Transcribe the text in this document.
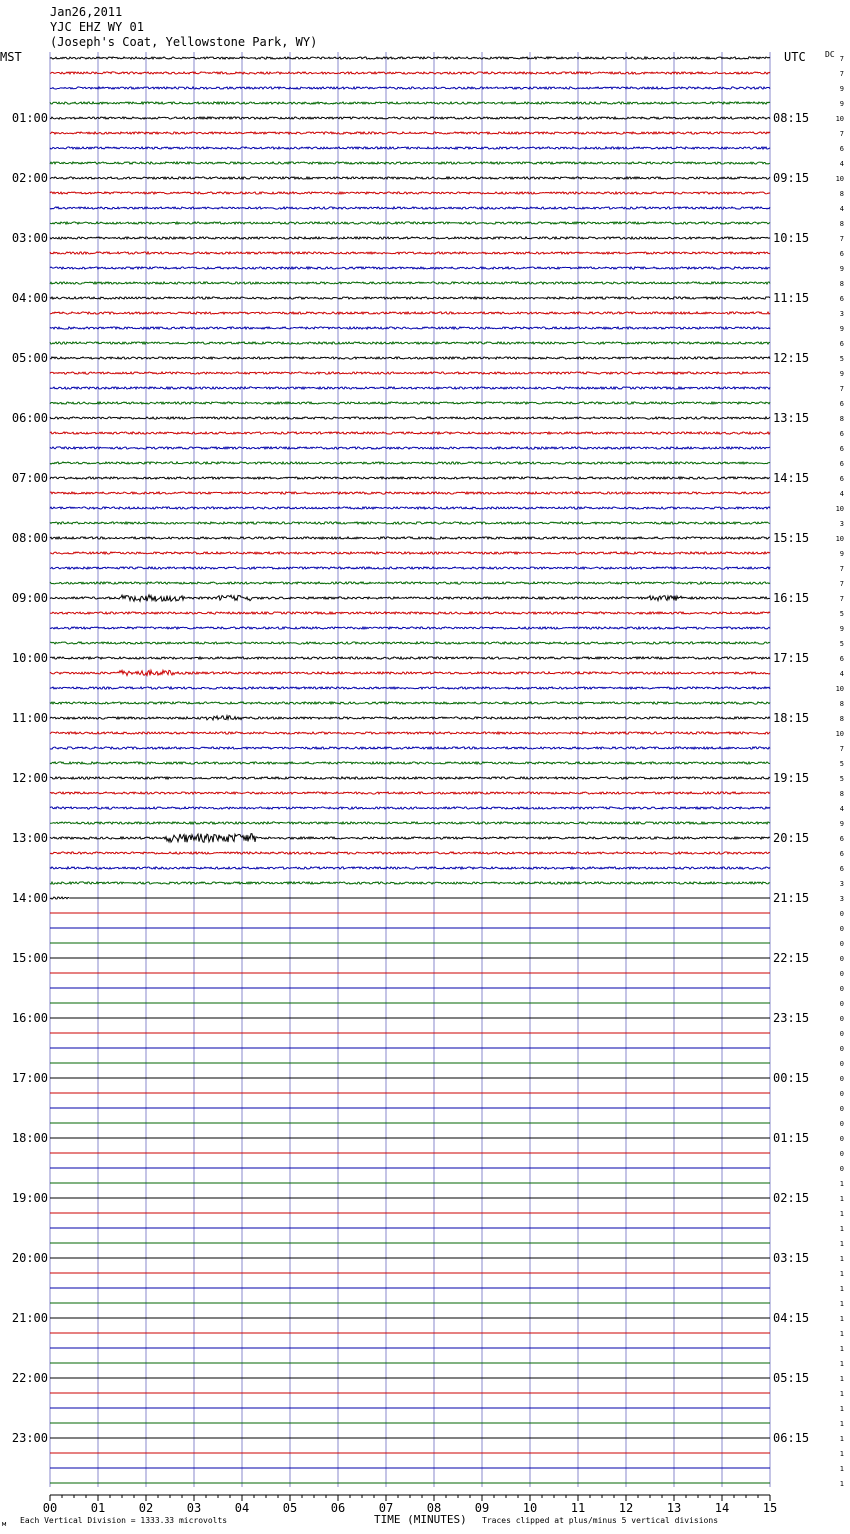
Jan26,2011
YJC EHZ WY 01
(Joseph's Coat, Yellowstone Park, WY)
MST	UTC DC
01:00
02:00
03:00
04:00
05:00
06:00
07:00
08:00
09:00
10:00
11:00
12:00
13:00
14:00
15:00
16:00
17:00
18:00
19:00
20:00
21:00
22:00
23:00
08:15
09:15
10:15
11:15
12:15
13:15
14:15
15:15
16:15
17:15
18:15
19:15
20:15
21:15
22:15
23:15
00:15
01:15
02:15
03:15
04:15
05:15
06:15
7
7
9
9
10
7
6
4
10
8
4
8
7
6
9
8
6
3
9
6
5
9
7
6
8
6
6
6
6
4
10
3
10
9
7
7
7
5
9
5
6
4
10
8
8
10
7
5
5
8
4
9
6
6
6
3
3
0
0
0
0
0
0
0
0
0
0
0
0
0
0
0
0
0
0
1
1
1
1
1
1
1
1
1
1
1
1
1
1
1
1
1
1
1
1
1
00	01	02	03	04	05	06	07	08	09	10	11	12	13	14	15
м Each Vertical Division = 1333.33 microvolts	TIME (MINUTES) Traces clipped at plus/minus 5 vertical divisions
